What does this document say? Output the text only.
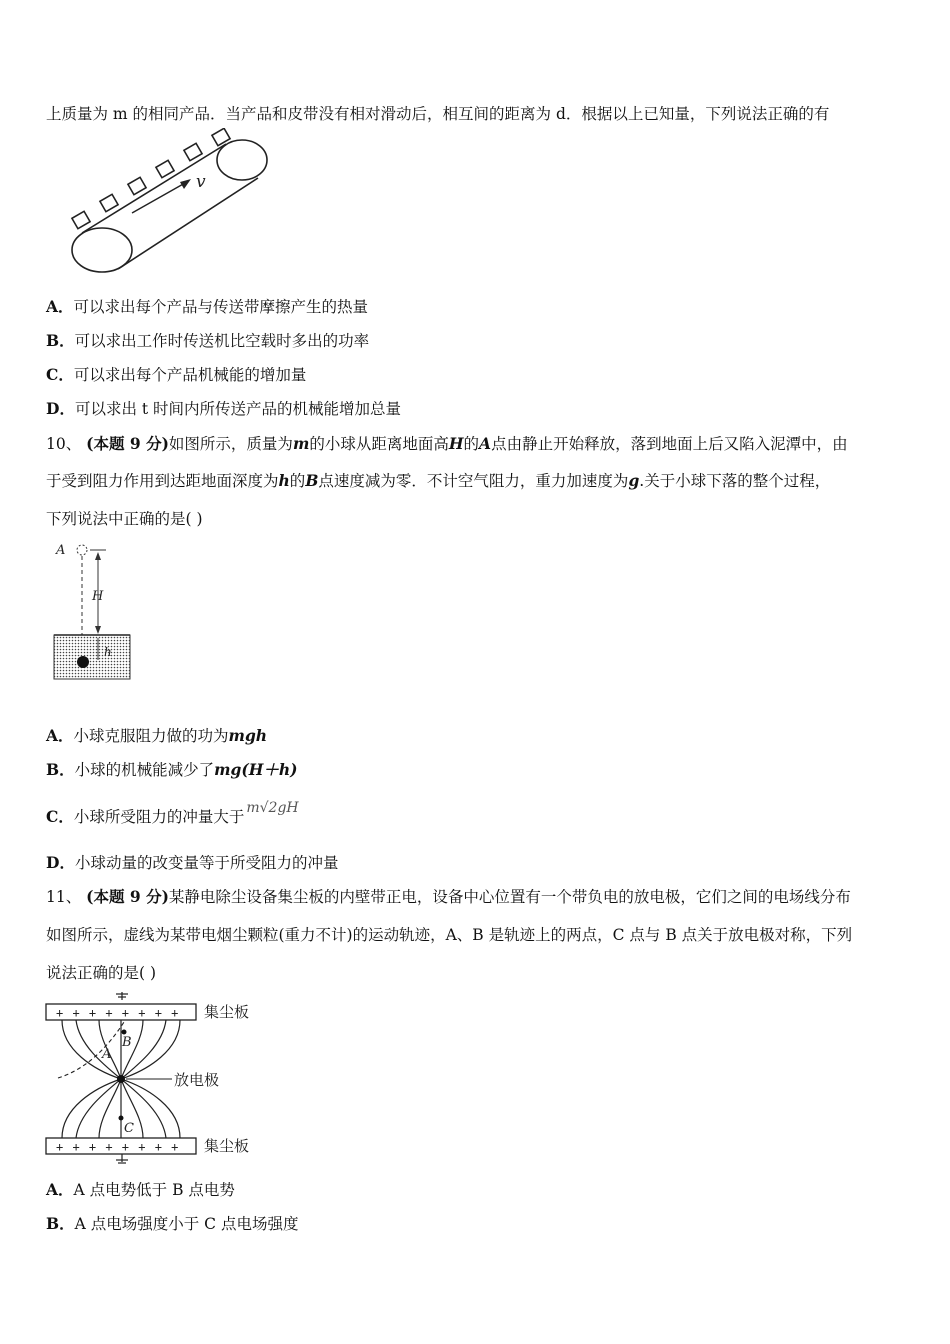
上质量为 m 的相同产品．当产品和皮带没有相对滑动后，相互间的距离为 d．根据以上已知量，下列说法正确的有
v
A．可以求出每个产品与传送带摩擦产生的热量
B．可以求出工作时传送机比空载时多出的功率
C．可以求出每个产品机械能的增加量
D．可以求出 t 时间内所传送产品的机械能增加总量
10、 (本题 9 分)如图所示，质量为m的小球从距离地面高H的A点由静止开始释放，落到地面上后又陷入泥潭中，由
于受到阻力作用到达距地面深度为h的B点速度减为零．不计空气阻力，重力加速度为g.关于小球下落的整个过程，
下列说法中正确的是( )
A
H
h
A．小球克服阻力做的功为mgh
B．小球的机械能减少了mg(H＋h)
C．小球所受阻力的冲量大于 m√2gH
D．小球动量的改变量等于所受阻力的冲量
11、 (本题 9 分)某静电除尘设备集尘板的内壁带正电，设备中心位置有一个带负电的放电极，它们之间的电场线分布
如图所示，虚线为某带电烟尘颗粒(重力不计)的运动轨迹，A、B 是轨迹上的两点，C 点与 B 点关于放电极对称，下列
说法正确的是( )
+ + + + + + + +
+ + + + + + + +
B
A
C
集尘板
放电极
集尘板
A．A 点电势低于 B 点电势
B．A 点电场强度小于 C 点电场强度
